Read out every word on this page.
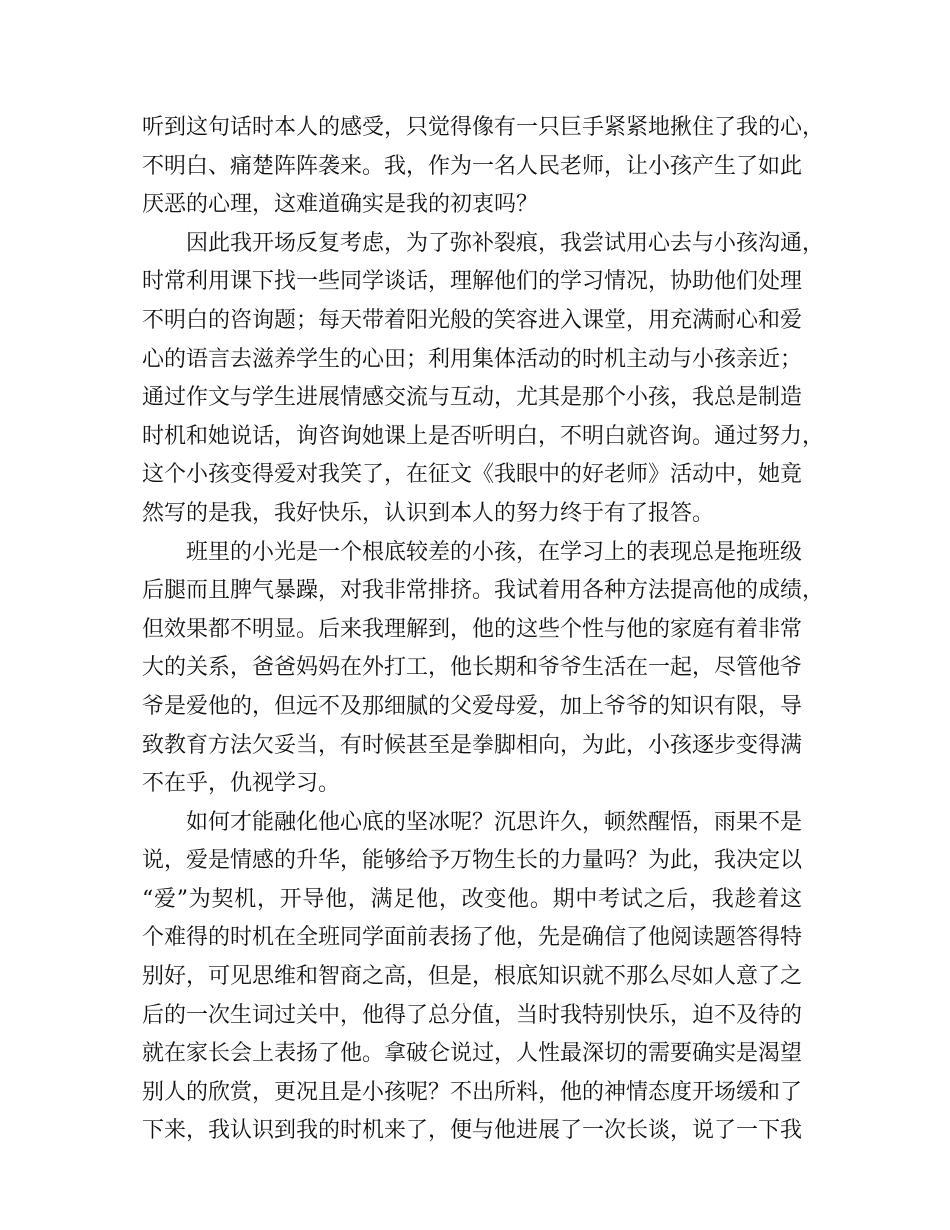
听到这句话时本人的感受，只觉得像有一只巨手紧紧地揪住了我的心，
不明白、痛楚阵阵袭来。我，作为一名人民老师，让小孩产生了如此
厌恶的心理，这难道确实是我的初衷吗？
因此我开场反复考虑，为了弥补裂痕，我尝试用心去与小孩沟通，
时常利用课下找一些同学谈话，理解他们的学习情况，协助他们处理
不明白的咨询题；每天带着阳光般的笑容进入课堂，用充满耐心和爱
心的语言去滋养学生的心田；利用集体活动的时机主动与小孩亲近；
通过作文与学生进展情感交流与互动，尤其是那个小孩，我总是制造
时机和她说话，询咨询她课上是否听明白，不明白就咨询。通过努力，
这个小孩变得爱对我笑了，在征文《我眼中的好老师》活动中，她竟
然写的是我，我好快乐，认识到本人的努力终于有了报答。
班里的小光是一个根底较差的小孩，在学习上的表现总是拖班级
后腿而且脾气暴躁，对我非常排挤。我试着用各种方法提高他的成绩，
但效果都不明显。后来我理解到，他的这些个性与他的家庭有着非常
大的关系，爸爸妈妈在外打工，他长期和爷爷生活在一起，尽管他爷
爷是爱他的，但远不及那细腻的父爱母爱，加上爷爷的知识有限，导
致教育方法欠妥当，有时候甚至是拳脚相向，为此，小孩逐步变得满
不在乎，仇视学习。
如何才能融化他心底的坚冰呢？沉思许久，顿然醒悟，雨果不是
说，爱是情感的升华，能够给予万物生长的力量吗？为此，我决定以
“爱”为契机，开导他，满足他，改变他。期中考试之后，我趁着这
个难得的时机在全班同学面前表扬了他，先是确信了他阅读题答得特
别好，可见思维和智商之高，但是，根底知识就不那么尽如人意了之
后的一次生词过关中，他得了总分值，当时我特别快乐，迫不及待的
就在家长会上表扬了他。拿破仑说过，人性最深切的需要确实是渴望
别人的欣赏，更况且是小孩呢？不出所料，他的神情态度开场缓和了
下来，我认识到我的时机来了，便与他进展了一次长谈，说了一下我
